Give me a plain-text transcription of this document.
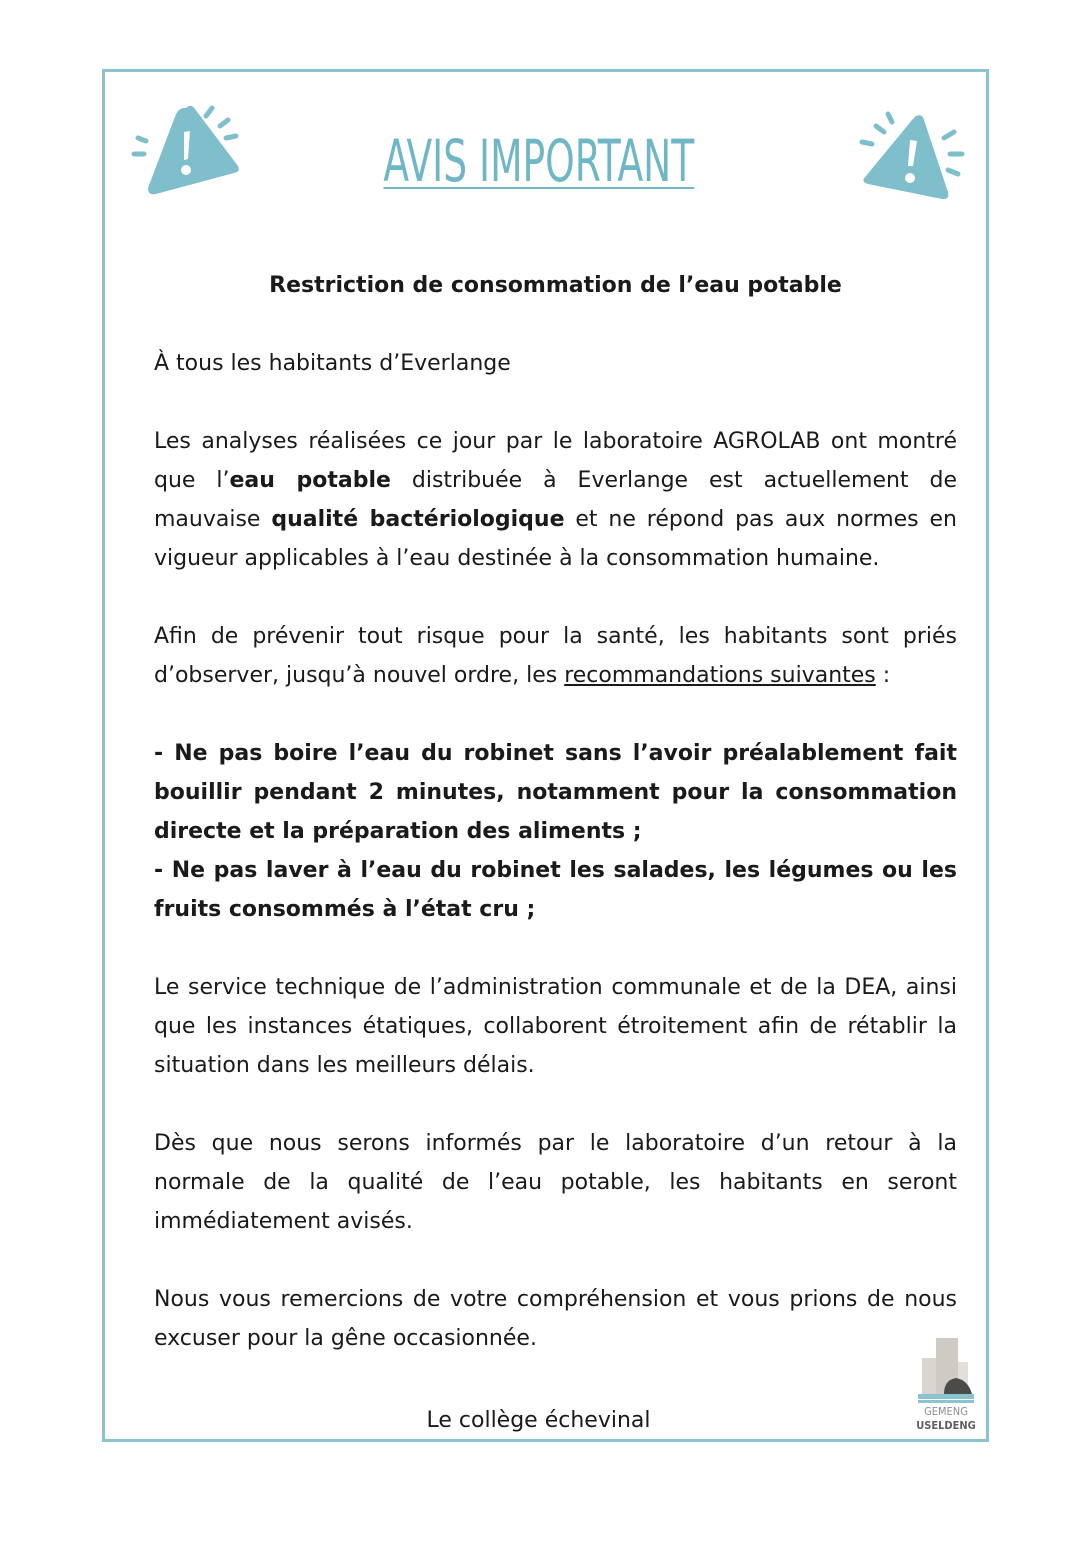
AVIS IMPORTANT

Restriction de consommation de l’eau potable

À tous les habitants d’Everlange

Les analyses réalisées ce jour par le laboratoire AGROLAB ont montré que l’eau potable distribuée à Everlange est actuellement de mauvaise qualité bactériologique et ne répond pas aux normes en vigueur applicables à l’eau destinée à la consommation humaine.

Afin de prévenir tout risque pour la santé, les habitants sont priés d’observer, jusqu’à nouvel ordre, les recommandations suivantes :

- Ne pas boire l’eau du robinet sans l’avoir préalablement fait bouillir pendant 2 minutes, notamment pour la consommation directe et la préparation des aliments ;

- Ne pas laver à l’eau du robinet les salades, les légumes ou les fruits consommés à l’état cru ;

Le service technique de l’administration communale et de la DEA, ainsi que les instances étatiques, collaborent étroitement afin de rétablir la situation dans les meilleurs délais.

Dès que nous serons informés par le laboratoire d’un retour à la normale de la qualité de l’eau potable, les habitants en seront immédiatement avisés.

Nous vous remercions de votre compréhension et vous prions de nous excuser pour la gêne occasionnée.

Le collège échevinal	GEMENG
USELDENG
